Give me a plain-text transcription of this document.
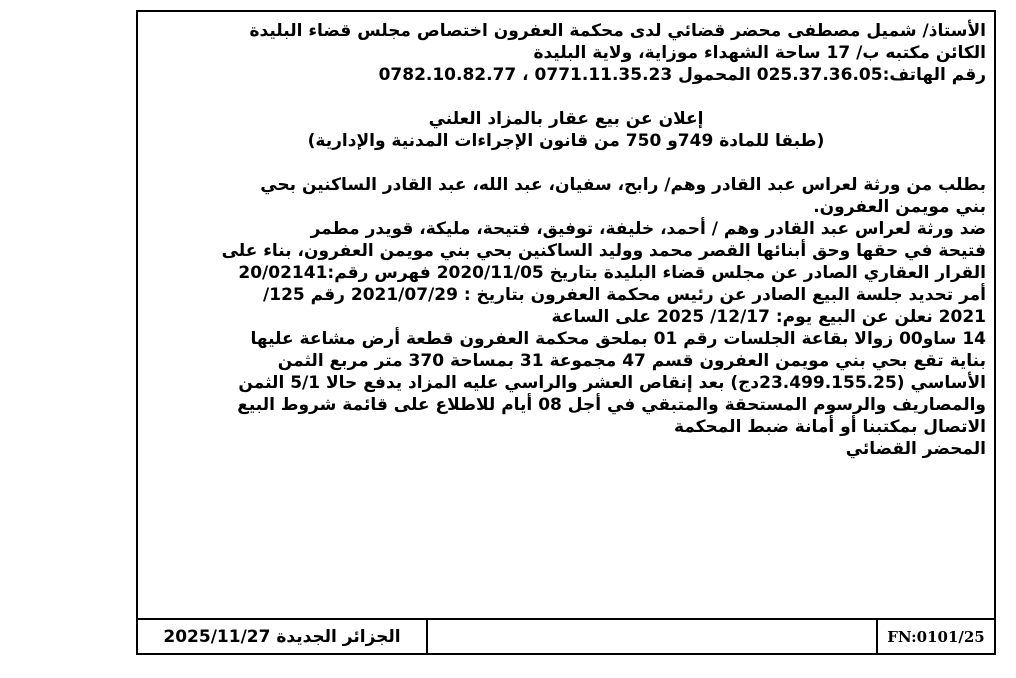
الأستاذ/ شميل مصطفى محضر قضائي لدى محكمة العفرون اختصاص مجلس قضاء البليدة
الكائن مكتبه ب/ 17 ساحة الشهداء موزاية، ولاية البليدة
رقم الهاتف:025.37.36.05 المحمول 0771.11.35.23 ، 0782.10.82.77
إعلان عن بيع عقار بالمزاد العلني
(طبقا للمادة 749و 750 من قانون الإجراءات المدنية والإدارية)
بطلب من ورثة لعراس عبد القادر وهم/ رابح، سفيان، عبد الله، عبد القادر الساكنين بحي
بني مويمن العفرون.
ضد ورثة لعراس عبد القادر وهم / أحمد، خليفة، توفيق، فتيحة، مليكة، قويدر مطمر
فتيحة في حقها وحق أبنائها القصر محمد ووليد الساكنين بحي بني مويمن العفرون، بناء على
القرار العقاري الصادر عن مجلس قضاء البليدة بتاريخ 2020/11/05 فهرس رقم:20/02141
أمر تحديد جلسة البيع الصادر عن رئيس محكمة العفرون بتاريخ : 2021/07/29 رقم 125/
2021 نعلن عن البيع يوم: 12/17/ 2025 على الساعة
14 ساو00 زوالا بقاعة الجلسات رقم 01 بملحق محكمة العفرون قطعة أرض مشاعة عليها
بناية تقع بحي بني مويمن العفرون قسم 47 مجموعة 31 بمساحة 370 متر مربع الثمن
الأساسي (23.499.155.25دج) بعد إنقاص العشر والراسي عليه المزاد يدفع حالا 5/1 الثمن
والمصاريف والرسوم المستحقة والمتبقي في أجل 08 أيام للاطلاع على قائمة شروط البيع
الاتصال بمكتبنا أو أمانة ضبط المحكمة
المحضر القضائي
الجزائر الجديدة 2025/11/27	FN:0101/25
